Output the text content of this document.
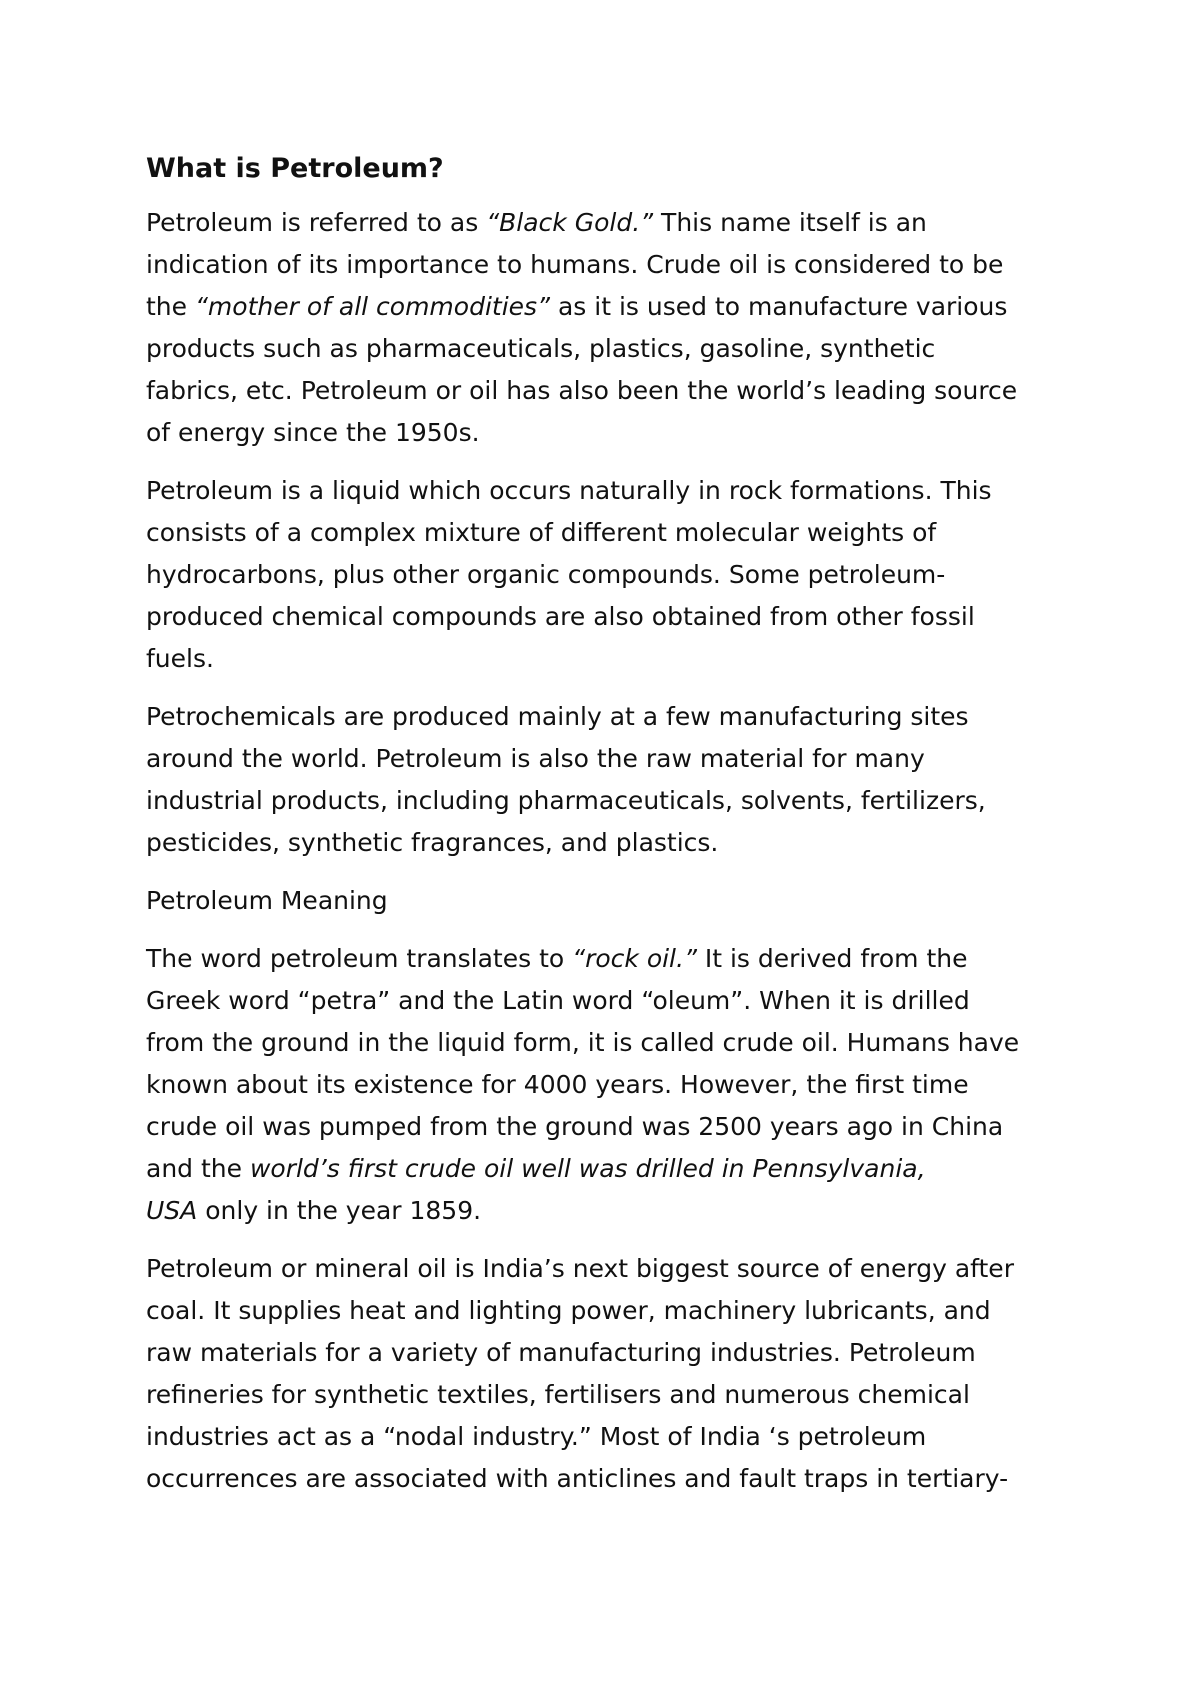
What is Petroleum?
Petroleum is referred to as “Black Gold.” This name itself is an
indication of its importance to humans. Crude oil is considered to be
the “mother of all commodities” as it is used to manufacture various
products such as pharmaceuticals, plastics, gasoline, synthetic
fabrics, etc. Petroleum or oil has also been the world’s leading source
of energy since the 1950s.
Petroleum is a liquid which occurs naturally in rock formations. This
consists of a complex mixture of different molecular weights of
hydrocarbons, plus other organic compounds. Some petroleum-
produced chemical compounds are also obtained from other fossil
fuels.
Petrochemicals are produced mainly at a few manufacturing sites
around the world. Petroleum is also the raw material for many
industrial products, including pharmaceuticals, solvents, fertilizers,
pesticides, synthetic fragrances, and plastics.
Petroleum Meaning
The word petroleum translates to “rock oil.” It is derived from the
Greek word “petra” and the Latin word “oleum”. When it is drilled
from the ground in the liquid form, it is called crude oil. Humans have
known about its existence for 4000 years. However, the first time
crude oil was pumped from the ground was 2500 years ago in China
and the world’s first crude oil well was drilled in Pennsylvania,
USA only in the year 1859.
Petroleum or mineral oil is India’s next biggest source of energy after
coal. It supplies heat and lighting power, machinery lubricants, and
raw materials for a variety of manufacturing industries. Petroleum
refineries for synthetic textiles, fertilisers and numerous chemical
industries act as a “nodal industry.” Most of India ‘s petroleum
occurrences are associated with anticlines and fault traps in tertiary-
